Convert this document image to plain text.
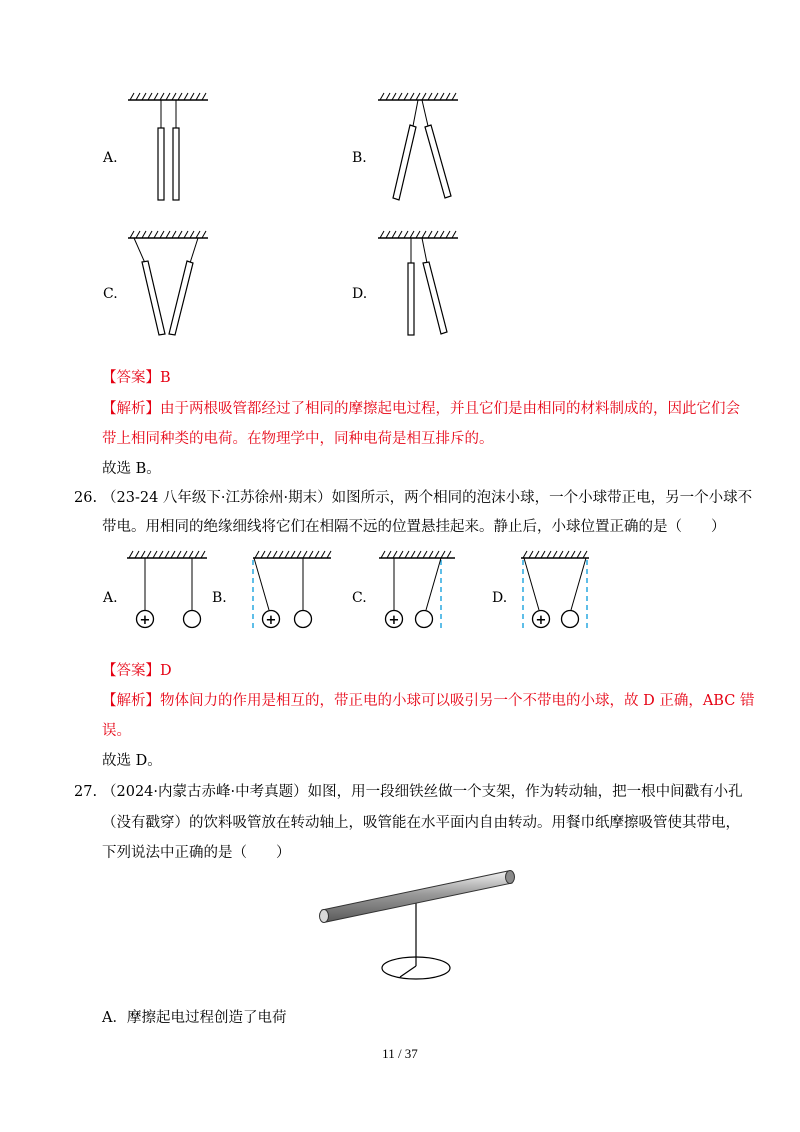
A.	B.
C.	D.
【答案】B
【解析】由于两根吸管都经过了相同的摩擦起电过程，并且它们是由相同的材料制成的，因此它们会
带上相同种类的电荷。在物理学中，同种电荷是相互排斥的。
故选 B。
26. （23-24 八年级下·江苏徐州·期末）如图所示，两个相同的泡沫小球，一个小球带正电，另一个小球不
带电。用相同的绝缘细线将它们在相隔不远的位置悬挂起来。静止后，小球位置正确的是（　　）
A.	B.	C.	D.
+	+	+	+
【答案】D
【解析】物体间力的作用是相互的，带正电的小球可以吸引另一个不带电的小球，故 D 正确，ABC 错
误。
故选 D。
27. （2024·内蒙古赤峰·中考真题）如图，用一段细铁丝做一个支架，作为转动轴，把一根中间戳有小孔
（没有戳穿）的饮料吸管放在转动轴上，吸管能在水平面内自由转动。用餐巾纸摩擦吸管使其带电，
下列说法中正确的是（　　）
A．摩擦起电过程创造了电荷
11 / 37
